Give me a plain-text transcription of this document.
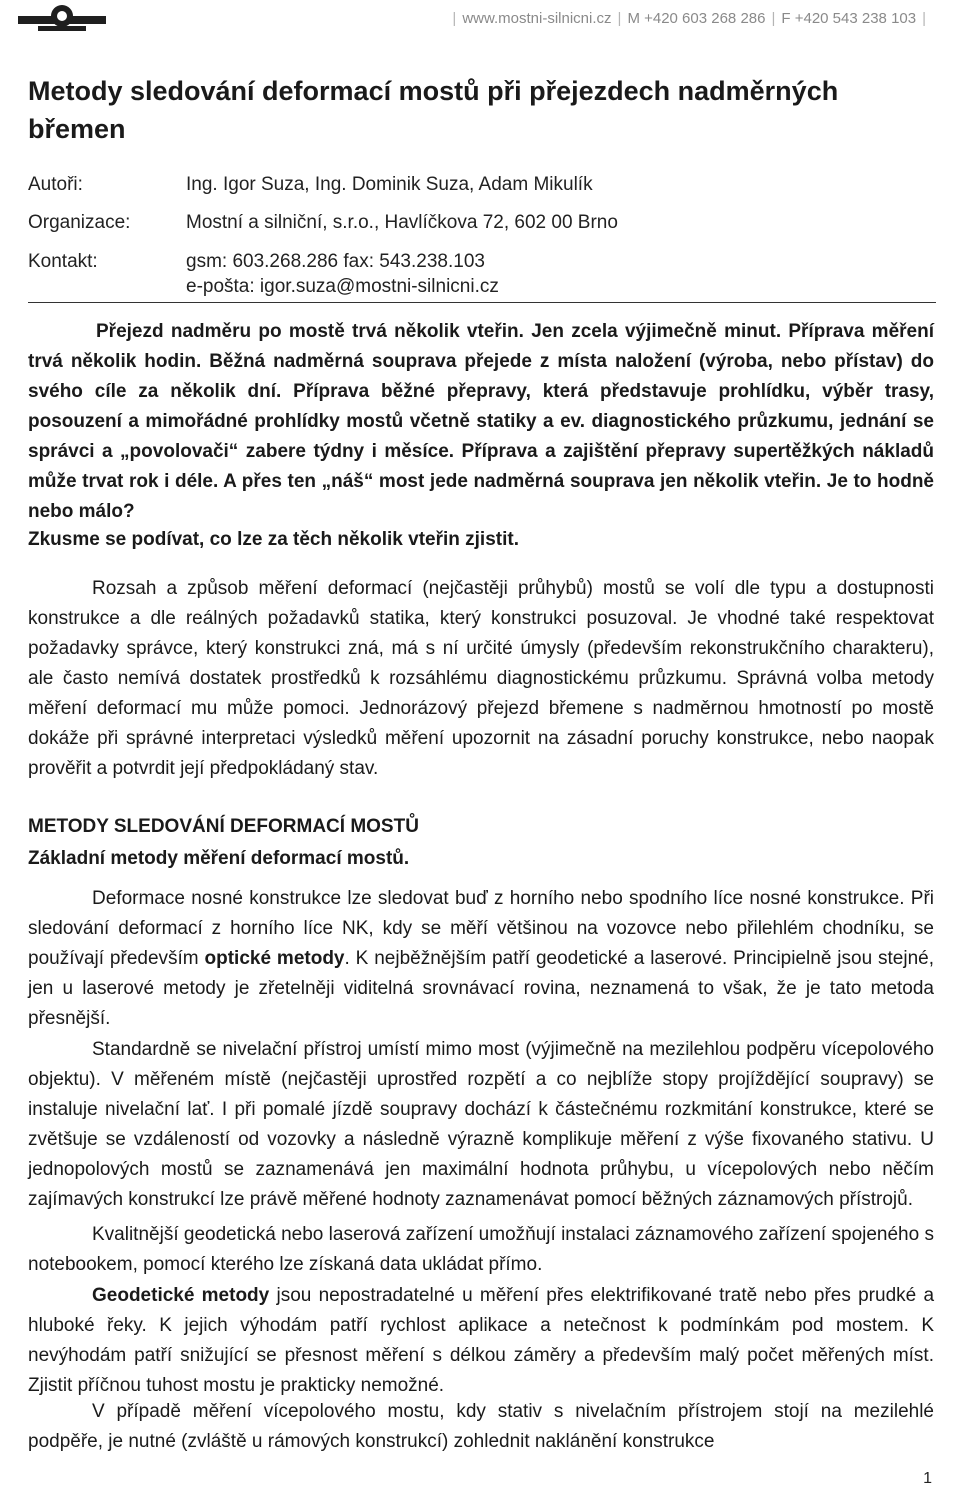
| www.mostni-silnicni.cz | M +420 603 268 286 | F +420 543 238 103 |
Metody sledování deformací mostů při přejezdech nadměrných břemen
Autoři:	Ing. Igor Suza, Ing. Dominik Suza, Adam Mikulík
Organizace:	Mostní a silniční, s.r.o., Havlíčkova 72, 602 00 Brno
Kontakt:	gsm: 603.268.286 fax: 543.238.103
e-pošta: igor.suza@mostni-silnicni.cz

Přejezd nadměru po mostě trvá několik vteřin. Jen zcela výjimečně minut. Příprava měření trvá několik hodin. Běžná nadměrná souprava přejede z místa naložení (výroba, nebo přístav) do svého cíle za několik dní. Příprava běžné přepravy, která představuje prohlídku, výběr trasy, posouzení a mimořádné prohlídky mostů včetně statiky a ev. diagnostického průzkumu, jednání se správci a „povolovači“ zabere týdny i měsíce. Příprava a zajištění přepravy supertěžkých nákladů může trvat rok i déle. A přes ten „náš“ most jede nadměrná souprava jen několik vteřin. Je to hodně nebo málo?

Zkusme se podívat, co lze za těch několik vteřin zjistit.

Rozsah a způsob měření deformací (nejčastěji průhybů) mostů se volí dle typu a dostupnosti konstrukce a dle reálných požadavků statika, který konstrukci posuzoval. Je vhodné také respektovat požadavky správce, který konstrukci zná, má s ní určité úmysly (především rekonstrukčního charakteru), ale často nemívá dostatek prostředků k rozsáhlému diagnostickému průzkumu. Správná volba metody měření deformací mu může pomoci. Jednorázový přejezd břemene s nadměrnou hmotností po mostě dokáže při správné interpretaci výsledků měření upozornit na zásadní poruchy konstrukce, nebo naopak prověřit a potvrdit její předpokládaný stav.

METODY SLEDOVÁNÍ DEFORMACÍ MOSTŮ
Základní metody měření deformací mostů.

Deformace nosné konstrukce lze sledovat buď z horního nebo spodního líce nosné konstrukce. Při sledování deformací z horního líce NK, kdy se měří většinou na vozovce nebo přilehlém chodníku, se používají především optické metody. K nejběžnějším patří geodetické a laserové. Principielně jsou stejné, jen u laserové metody je zřetelněji viditelná srovnávací rovina, neznamená to však, že je tato metoda přesnější.

Standardně se nivelační přístroj umístí mimo most (výjimečně na mezilehlou podpěru vícepolového objektu). V měřeném místě (nejčastěji uprostřed rozpětí a co nejblíže stopy projíždějící soupravy) se instaluje nivelační lať. I při pomalé jízdě soupravy dochází k částečnému rozkmitání konstrukce, které se zvětšuje se vzdáleností od vozovky a následně výrazně komplikuje měření z výše fixovaného stativu. U jednopolových mostů se zaznamenává jen maximální hodnota průhybu, u vícepolových nebo něčím zajímavých konstrukcí lze právě měřené hodnoty zaznamenávat pomocí běžných záznamových přístrojů.

Kvalitnější geodetická nebo laserová zařízení umožňují instalaci záznamového zařízení spojeného s notebookem, pomocí kterého lze získaná data ukládat přímo.

Geodetické metody jsou nepostradatelné u měření přes elektrifikované tratě nebo přes prudké a hluboké řeky. K jejich výhodám patří rychlost aplikace a netečnost k podmínkám pod mostem. K nevýhodám patří snižující se přesnost měření s délkou záměry a především malý počet měřených míst. Zjistit příčnou tuhost mostu je prakticky nemožné.

V případě měření vícepolového mostu, kdy stativ s nivelačním přístrojem stojí na mezilehlé podpěře, je nutné (zvláště u rámových konstrukcí) zohlednit naklánění konstrukce

1
